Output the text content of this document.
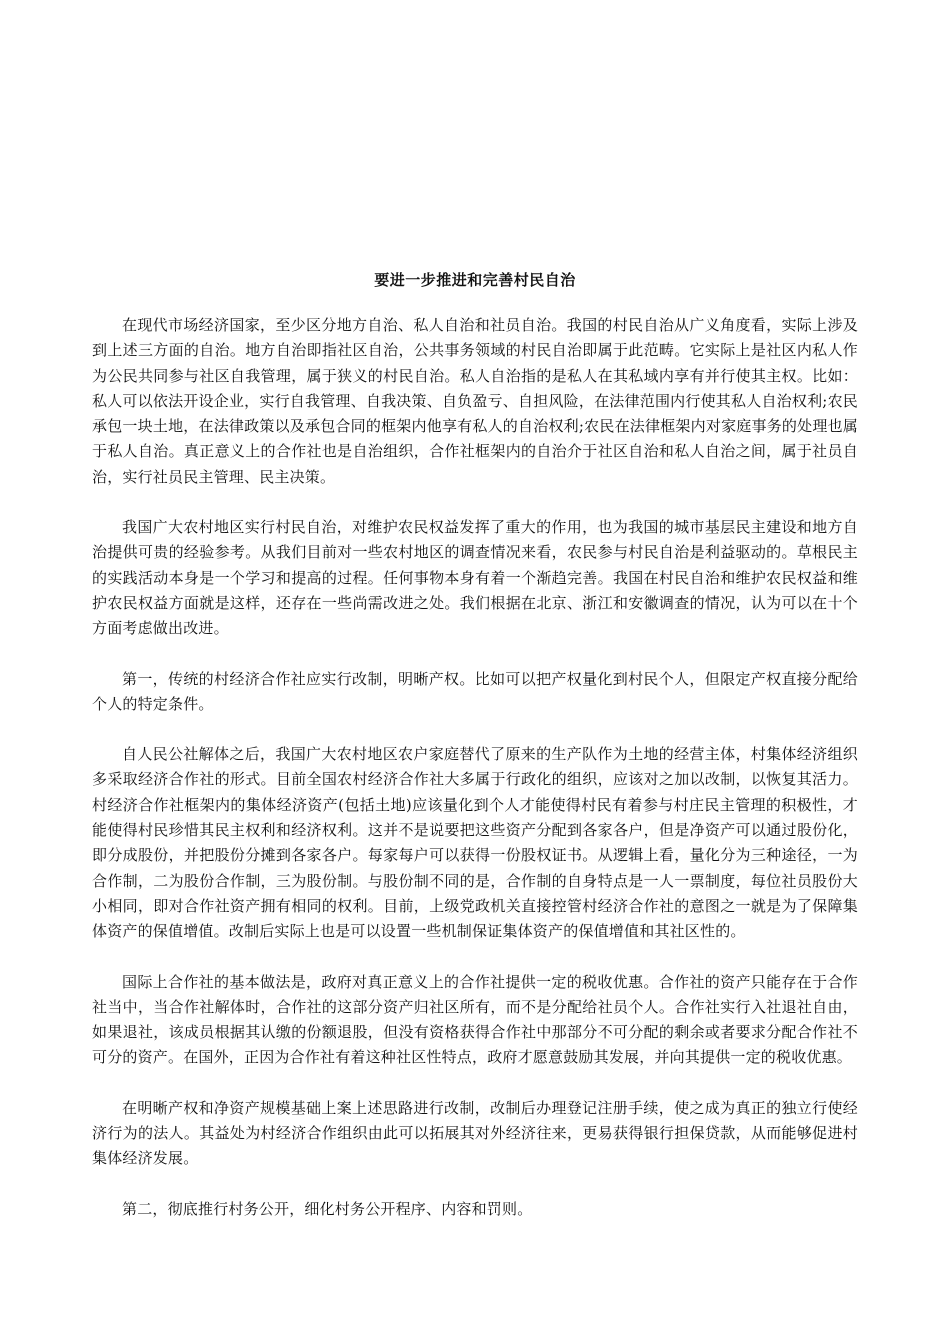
要进一步推进和完善村民自治

在现代市场经济国家，至少区分地方自治、私人自治和社员自治。我国的村民自治从广义角度看，实际上涉及到上述三方面的自治。地方自治即指社区自治，公共事务领域的村民自治即属于此范畴。它实际上是社区内私人作为公民共同参与社区自我管理，属于狭义的村民自治。私人自治指的是私人在其私域内享有并行使其主权。比如：私人可以依法开设企业，实行自我管理、自我决策、自负盈亏、自担风险，在法律范围内行使其私人自治权利;农民承包一块土地，在法律政策以及承包合同的框架内他享有私人的自治权利;农民在法律框架内对家庭事务的处理也属于私人自治。真正意义上的合作社也是自治组织，合作社框架内的自治介于社区自治和私人自治之间，属于社员自治，实行社员民主管理、民主决策。

我国广大农村地区实行村民自治，对维护农民权益发挥了重大的作用，也为我国的城市基层民主建设和地方自治提供可贵的经验参考。从我们目前对一些农村地区的调查情况来看，农民参与村民自治是利益驱动的。草根民主的实践活动本身是一个学习和提高的过程。任何事物本身有着一个渐趋完善。我国在村民自治和维护农民权益和维护农民权益方面就是这样，还存在一些尚需改进之处。我们根据在北京、浙江和安徽调查的情况，认为可以在十个方面考虑做出改进。

第一，传统的村经济合作社应实行改制，明晰产权。比如可以把产权量化到村民个人，但限定产权直接分配给个人的特定条件。

自人民公社解体之后，我国广大农村地区农户家庭替代了原来的生产队作为土地的经营主体，村集体经济组织多采取经济合作社的形式。目前全国农村经济合作社大多属于行政化的组织，应该对之加以改制，以恢复其活力。村经济合作社框架内的集体经济资产(包括土地)应该量化到个人才能使得村民有着参与村庄民主管理的积极性，才能使得村民珍惜其民主权利和经济权利。这并不是说要把这些资产分配到各家各户，但是净资产可以通过股份化，即分成股份，并把股份分摊到各家各户。每家每户可以获得一份股权证书。从逻辑上看，量化分为三种途径，一为合作制，二为股份合作制，三为股份制。与股份制不同的是，合作制的自身特点是一人一票制度，每位社员股份大小相同，即对合作社资产拥有相同的权利。目前，上级党政机关直接控管村经济合作社的意图之一就是为了保障集体资产的保值增值。改制后实际上也是可以设置一些机制保证集体资产的保值增值和其社区性的。

国际上合作社的基本做法是，政府对真正意义上的合作社提供一定的税收优惠。合作社的资产只能存在于合作社当中，当合作社解体时，合作社的这部分资产归社区所有，而不是分配给社员个人。合作社实行入社退社自由，如果退社，该成员根据其认缴的份额退股，但没有资格获得合作社中那部分不可分配的剩余或者要求分配合作社不可分的资产。在国外，正因为合作社有着这种社区性特点，政府才愿意鼓励其发展，并向其提供一定的税收优惠。

在明晰产权和净资产规模基础上案上述思路进行改制，改制后办理登记注册手续，使之成为真正的独立行使经济行为的法人。其益处为村经济合作组织由此可以拓展其对外经济往来，更易获得银行担保贷款，从而能够促进村集体经济发展。

第二，彻底推行村务公开，细化村务公开程序、内容和罚则。
